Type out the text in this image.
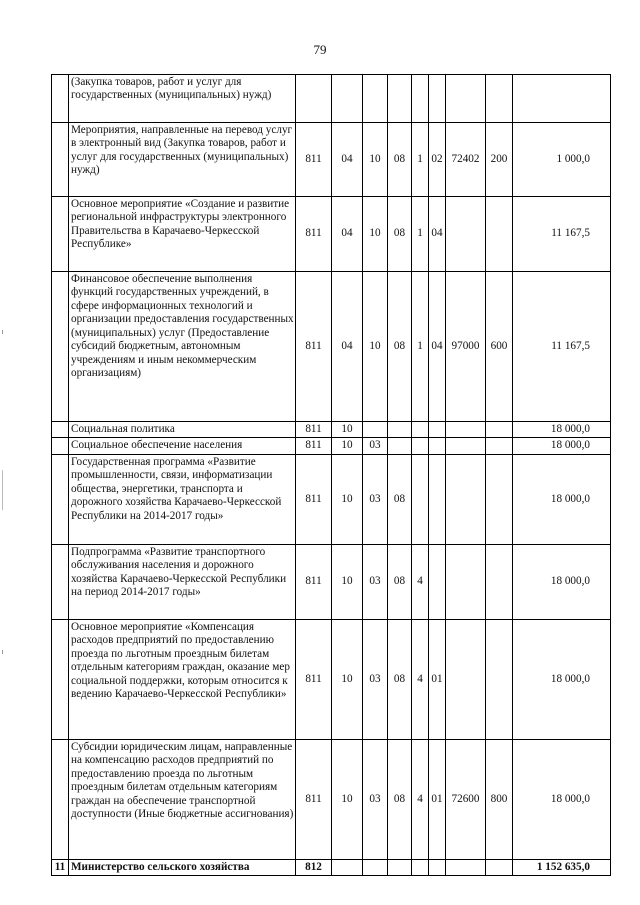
79
	(Закупка товаров, работ и услуг для государственных (муниципальных) нужд)									
	Мероприятия, направленные на перевод услуг в электронный вид (Закупка товаров, работ и услуг для государственных (муниципальных) нужд)	811	04	10	08	1	02	72402	200	1 000,0
	Основное мероприятие «Создание и развитие региональной инфраструктуры электронного Правительства в Карачаево-Черкесской Республике»	811	04	10	08	1	04			11 167,5
	Финансовое обеспечение выполнения функций государственных учреждений, в сфере информационных технологий и организации предоставления государственных (муниципальных) услуг (Предоставление субсидий бюджетным, автономным учреждениям и иным некоммерческим организациям)	811	04	10	08	1	04	97000	600	11 167,5
	Социальная политика	811	10							18 000,0
	Социальное обеспечение населения	811	10	03						18 000,0
	Государственная программа «Развитие промышленности, связи, информатизации общества, энергетики, транспорта и дорожного хозяйства Карачаево-Черкесской Республики на 2014-2017 годы»	811	10	03	08					18 000,0
	Подпрограмма «Развитие транспортного обслуживания населения и дорожного хозяйства Карачаево-Черкесской Республики на период 2014-2017 годы»	811	10	03	08	4				18 000,0
	Основное мероприятие «Компенсация расходов предприятий по предоставлению проезда по льготным проездным билетам отдельным категориям граждан, оказание мер социальной поддержки, которым относится к ведению Карачаево-Черкесской Республики»	811	10	03	08	4	01			18 000,0
	Субсидии юридическим лицам, направленные на компенсацию расходов предприятий по предоставлению проезда по льготным проездным билетам отдельным категориям граждан на обеспечение транспортной доступности (Иные бюджетные ассигнования)	811	10	03	08	4	01	72600	800	18 000,0
11	Министерство сельского хозяйства	812								1 152 635,0
